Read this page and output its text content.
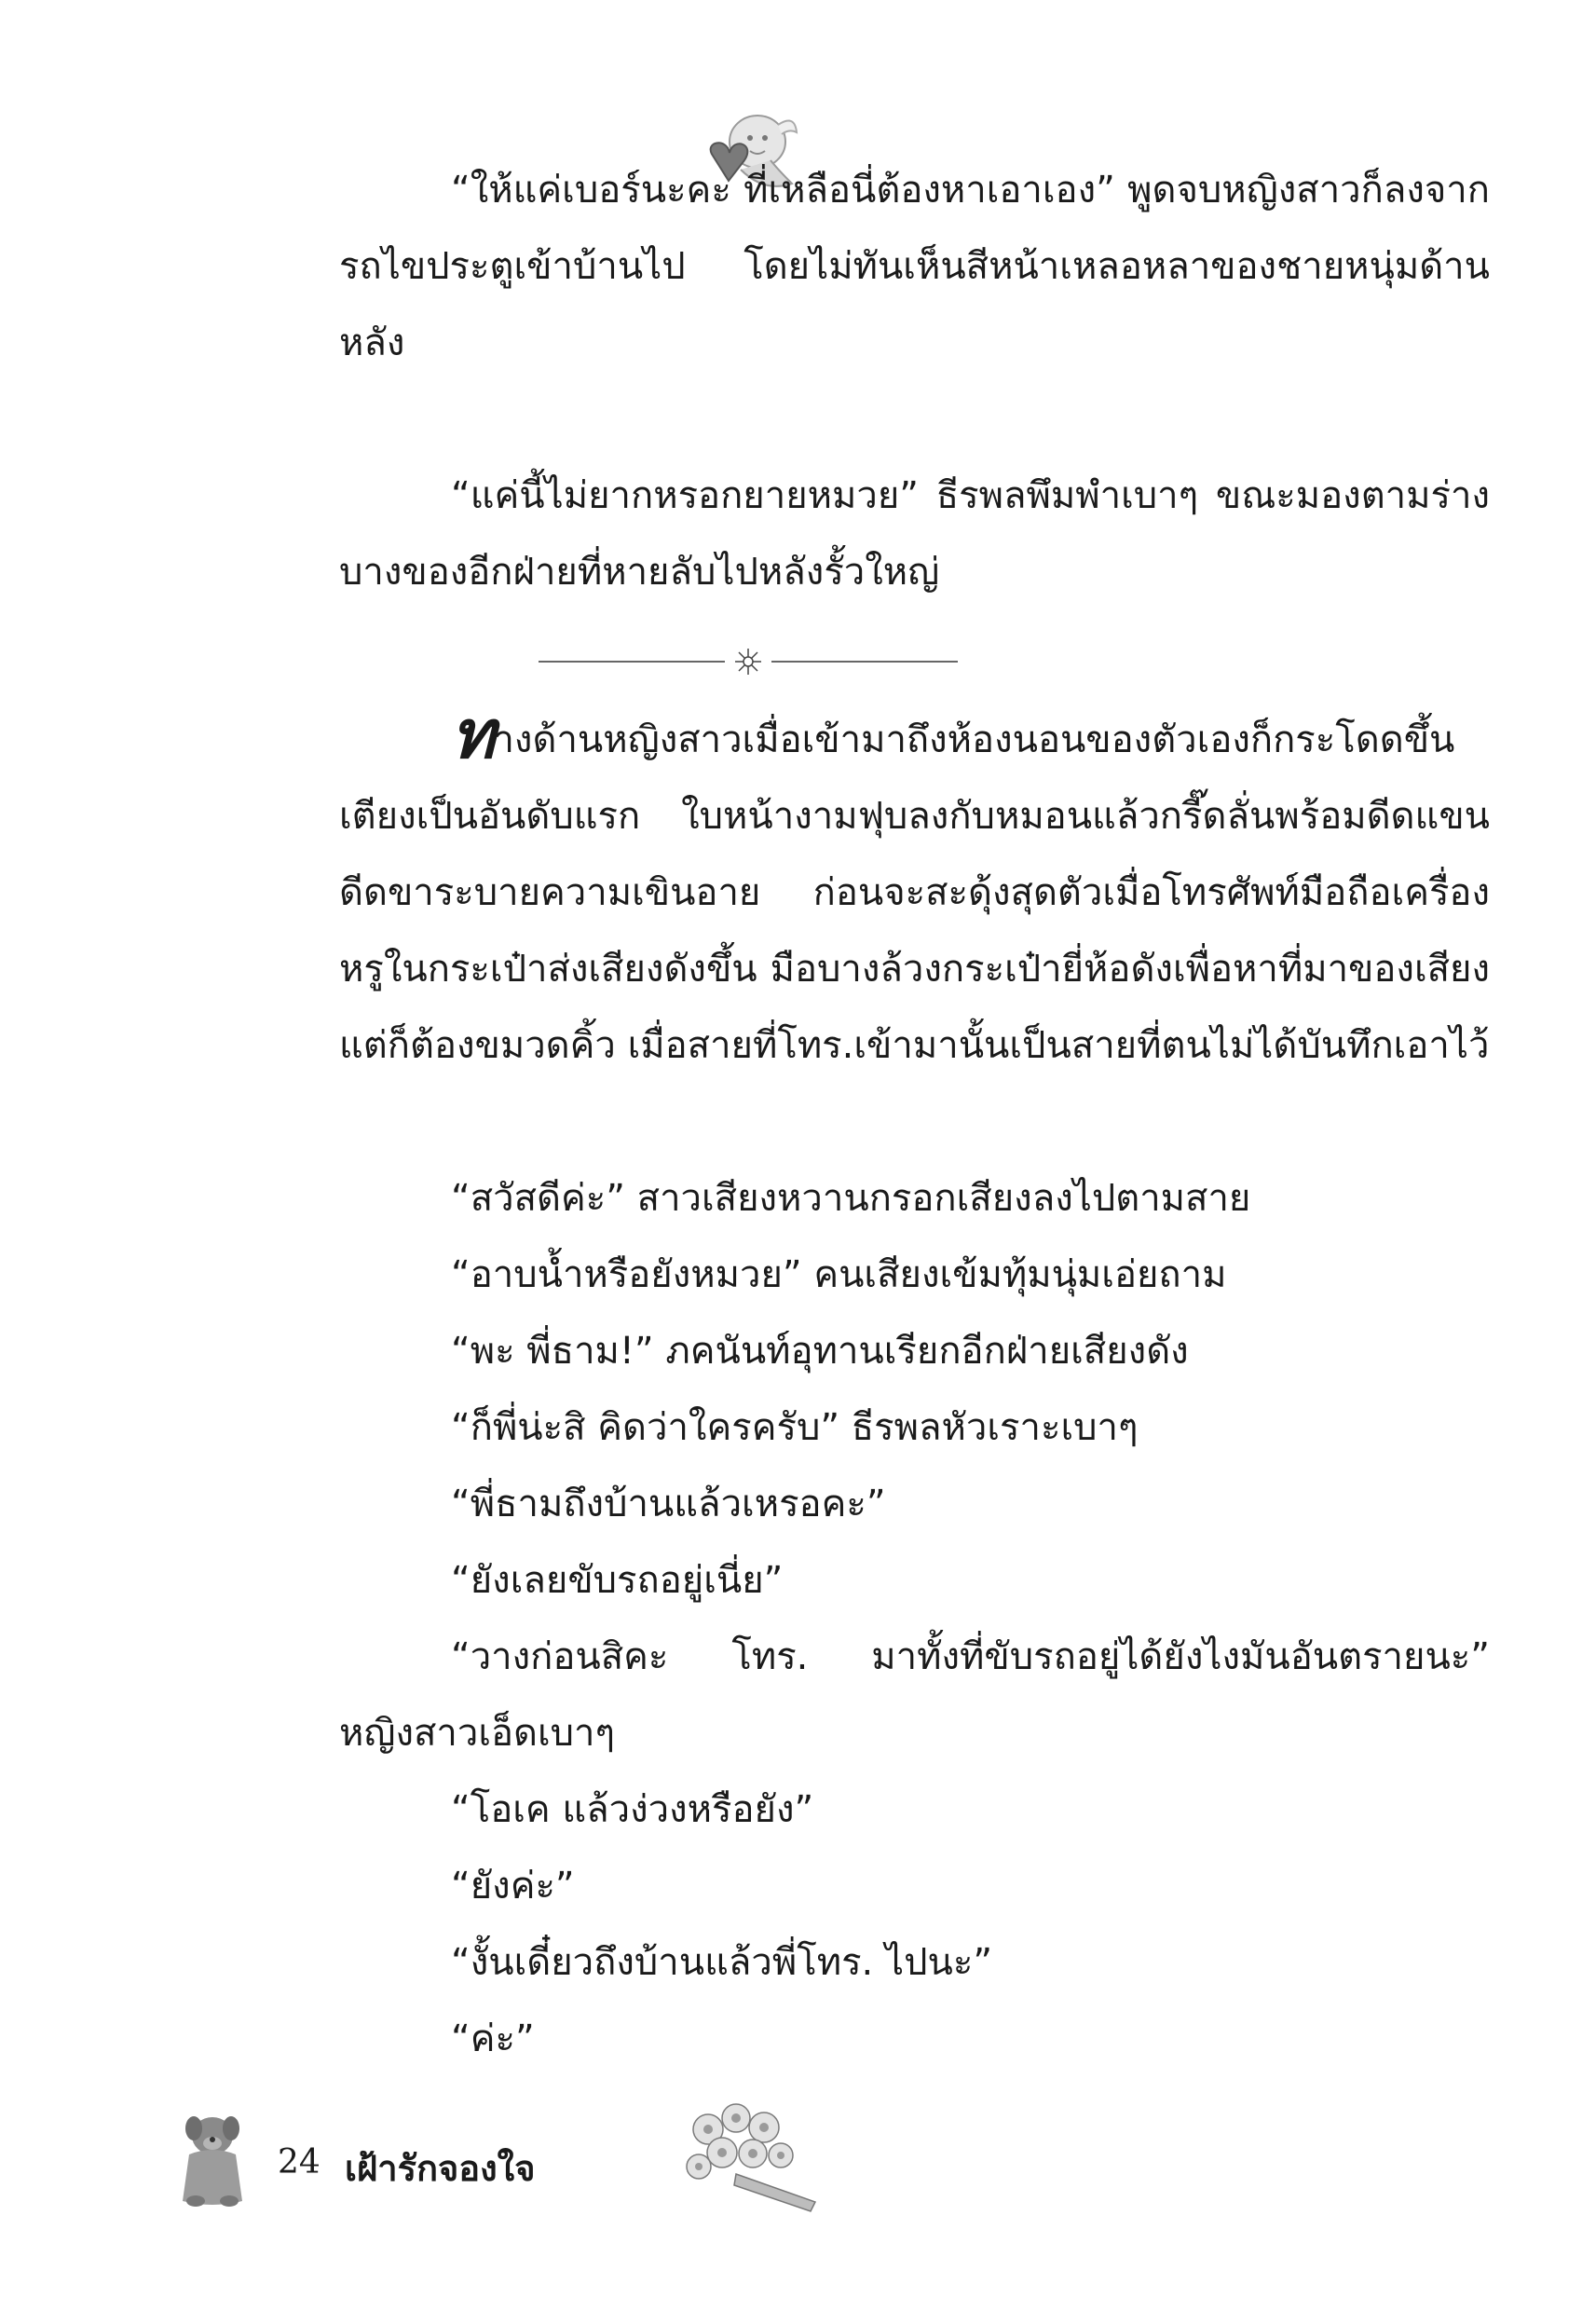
“ให้แค่เบอร์นะคะ ที่เหลือนี่ต้องหาเอาเอง” พูดจบหญิงสาวก็ลงจากรถไขประตูเข้าบ้านไป โดยไม่ทันเห็นสีหน้าเหลอหลาของชายหนุ่มด้านหลัง

“แค่นี้ไม่ยากหรอกยายหมวย” ธีรพลพึมพำเบาๆ ขณะมองตามร่างบางของอีกฝ่ายที่หายลับไปหลังรั้วใหญ่

ทางด้านหญิงสาวเมื่อเข้ามาถึงห้องนอนของตัวเองก็กระโดดขึ้นเตียงเป็นอันดับแรก ใบหน้างามฟุบลงกับหมอนแล้วกรี๊ดลั่นพร้อมดีดแขนดีดขาระบายความเขินอาย ก่อนจะสะดุ้งสุดตัวเมื่อโทรศัพท์มือถือเครื่องหรูในกระเป๋าส่งเสียงดังขึ้น มือบางล้วงกระเป๋ายี่ห้อดังเพื่อหาที่มาของเสียงแต่ก็ต้องขมวดคิ้ว เมื่อสายที่โทร.เข้ามานั้นเป็นสายที่ตนไม่ได้บันทึกเอาไว้

“สวัสดีค่ะ” สาวเสียงหวานกรอกเสียงลงไปตามสาย

“อาบน้ำหรือยังหมวย” คนเสียงเข้มทุ้มนุ่มเอ่ยถาม

“พะ พี่ธาม!” ภคนันท์อุทานเรียกอีกฝ่ายเสียงดัง

“ก็พี่น่ะสิ คิดว่าใครครับ” ธีรพลหัวเราะเบาๆ

“พี่ธามถึงบ้านแล้วเหรอคะ”

“ยังเลยขับรถอยู่เนี่ย”

“วางก่อนสิคะ โทร. มาทั้งที่ขับรถอยู่ได้ยังไงมันอันตรายนะ”

หญิงสาวเอ็ดเบาๆ

“โอเค แล้วง่วงหรือยัง”

“ยังค่ะ”

“งั้นเดี๋ยวถึงบ้านแล้วพี่โทร. ไปนะ”

“ค่ะ”

24 เฝ้ารักจองใจ
